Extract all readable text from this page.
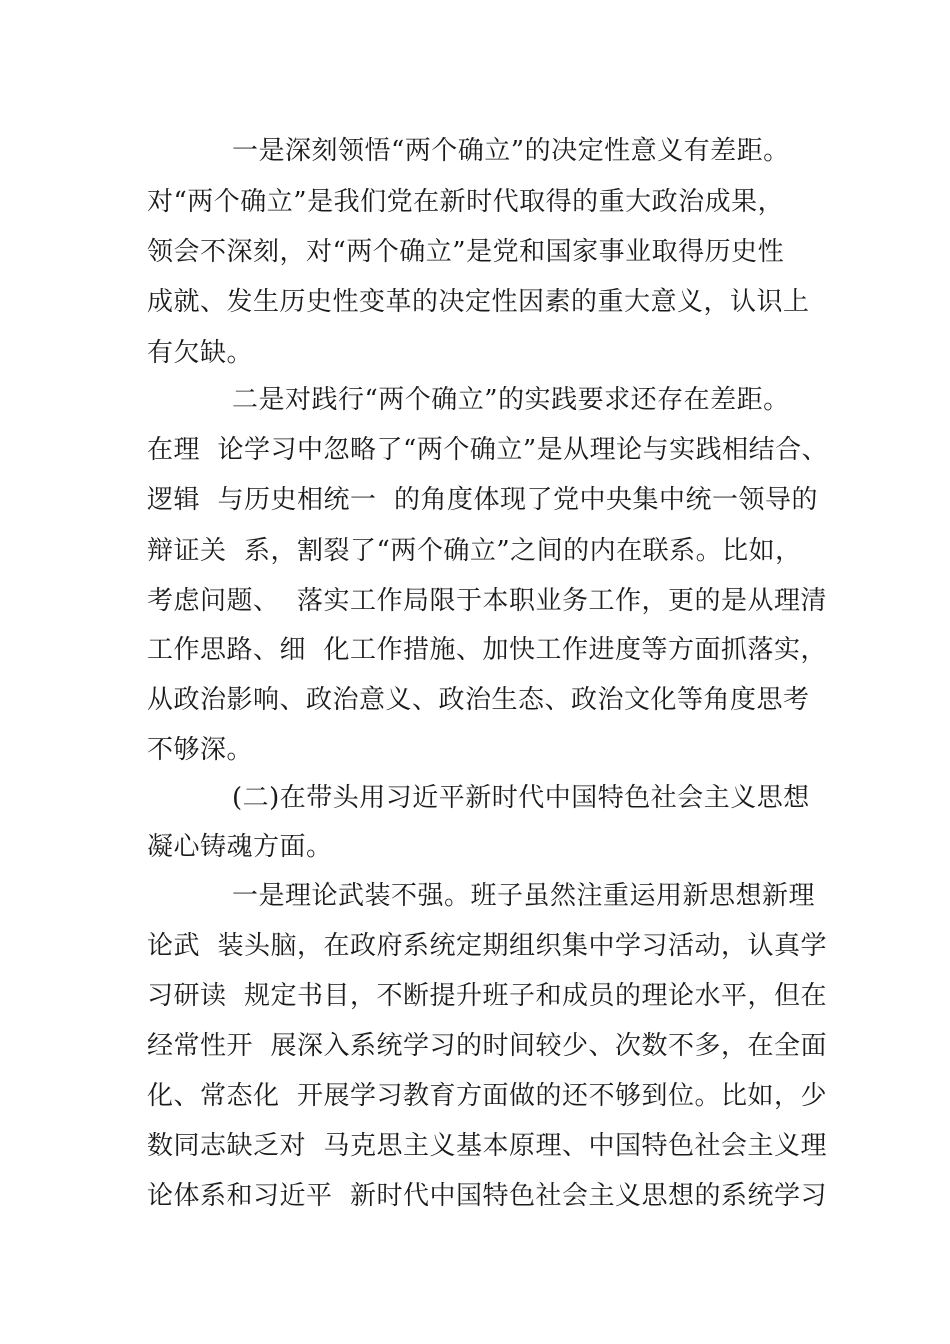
一是深刻领悟“两个确立”的决定性意义有差距。
对“两个确立”是我们党在新时代取得的重大政治成果，
领会不深刻，对“两个确立”是党和国家事业取得历史性
成就、发生历史性变革的决定性因素的重大意义，认识上
有欠缺。
二是对践行“两个确立”的实践要求还存在差距。
在理  论学习中忽略了“两个确立”是从理论与实践相结合、
逻辑  与历史相统一  的角度体现了党中央集中统一领导的
辩证关  系，割裂了“两个确立”之间的内在联系。比如，
考虑问题、  落实工作局限于本职业务工作，更的是从理清
工作思路、细  化工作措施、加快工作进度等方面抓落实，
从政治影响、政治意义、政治生态、政治文化等角度思考
不够深。
(二)在带头用习近平新时代中国特色社会主义思想
凝心铸魂方面。
一是理论武装不强。班子虽然注重运用新思想新理
论武  装头脑，在政府系统定期组织集中学习活动，认真学
习研读  规定书目，不断提升班子和成员的理论水平，但在
经常性开  展深入系统学习的时间较少、次数不多，在全面
化、常态化  开展学习教育方面做的还不够到位。比如，少
数同志缺乏对  马克思主义基本原理、中国特色社会主义理
论体系和习近平  新时代中国特色社会主义思想的系统学习
